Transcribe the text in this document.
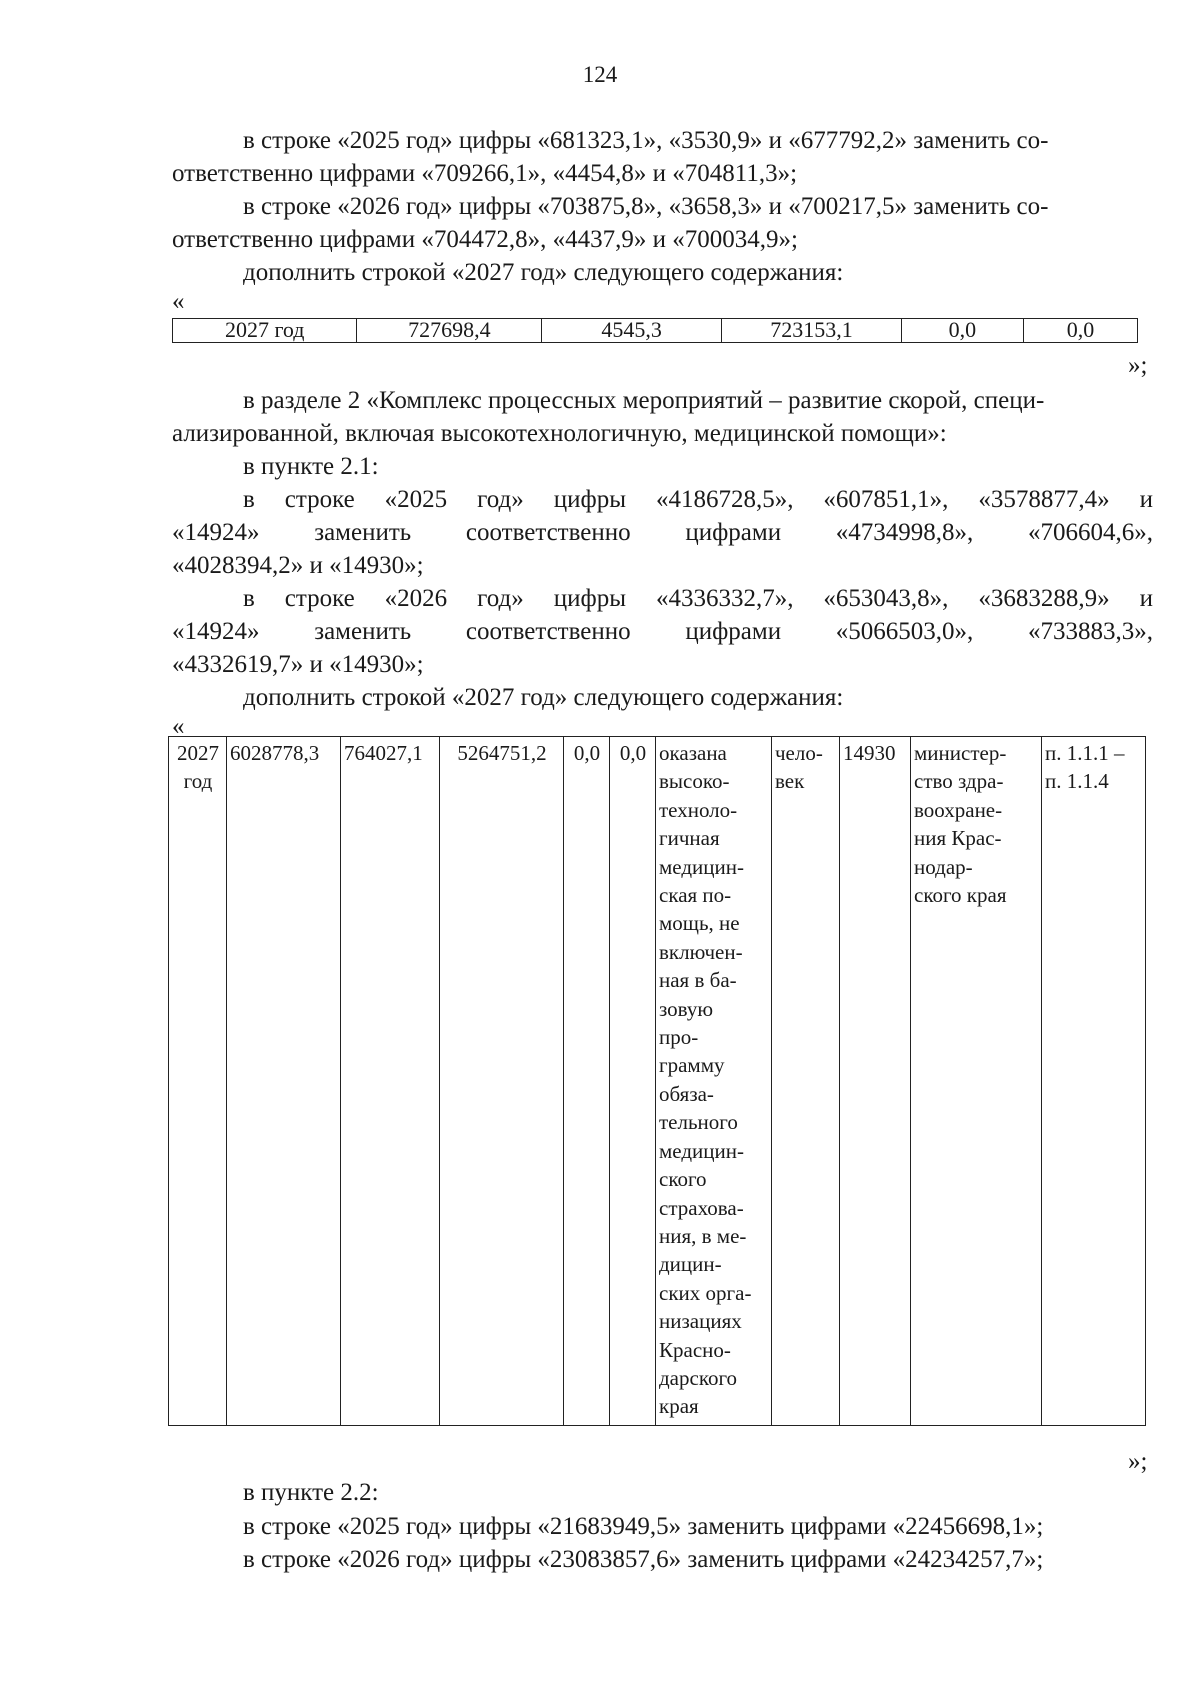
124
в строке «2025 год» цифры «681323,1», «3530,9» и «677792,2» заменить со-
ответственно цифрами «709266,1», «4454,8» и «704811,3»;
в строке «2026 год» цифры «703875,8», «3658,3» и «700217,5» заменить со-
ответственно цифрами «704472,8», «4437,9» и «700034,9»;
дополнить строкой «2027 год» следующего содержания:
«
2027 год	727698,4	4545,3	723153,1	0,0	0,0
»;
в разделе 2 «Комплекс процессных мероприятий – развитие скорой, специ-
ализированной, включая высокотехнологичную, медицинской помощи»:
в пункте 2.1:
в строке «2025 год» цифры «4186728,5», «607851,1», «3578877,4» и
«14924» заменить соответственно цифрами «4734998,8», «706604,6»,
«4028394,2» и «14930»;
в строке «2026 год» цифры «4336332,7», «653043,8», «3683288,9» и
«14924» заменить соответственно цифрами «5066503,0», «733883,3»,
«4332619,7» и «14930»;
дополнить строкой «2027 год» следующего содержания:
«
2027
год	6028778,3	764027,1	5264751,2	0,0	0,0	оказана
высоко-
техноло-
гичная
медицин-
ская по-
мощь, не
включен-
ная в ба-
зовую
про-
грамму
обяза-
тельного
медицин-
ского
страхова-
ния, в ме-
дицин-
ских орга-
низациях
Красно-
дарского
края	чело-
век	14930	министер-
ство здра-
воохране-
ния Крас-
нодар-
ского края	п. 1.1.1 –
п. 1.1.4
»;
в пункте 2.2:
в строке «2025 год» цифры «21683949,5» заменить цифрами «22456698,1»;
в строке «2026 год» цифры «23083857,6» заменить цифрами «24234257,7»;
